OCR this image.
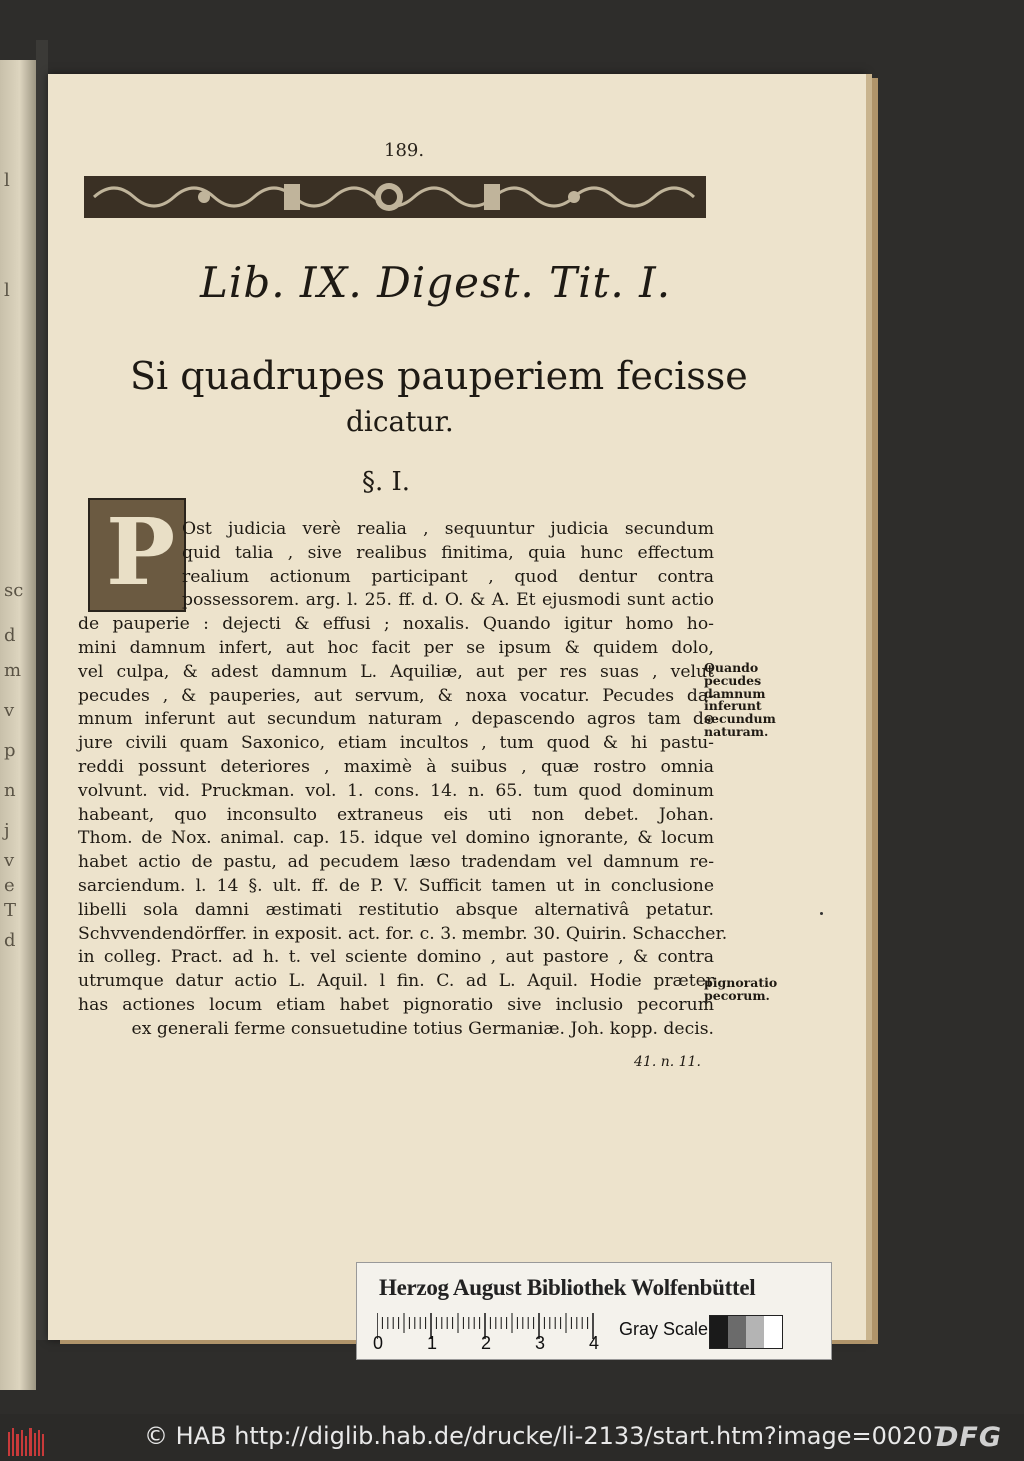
l
l
sc
d
m
v
p
n
j
v
e
T
d
189.
Lib. IX. Digest. Tit. I.
Si quadrupes pauperiem fecisse
dicatur.
§. I.
P Ost judicia verè realia , sequuntur judicia secundum
quid talia , sive realibus finitima, quia hunc effectum
realium actionum participant , quod dentur contra
possessorem. arg. l. 25. ff. d. O. & A. Et ejusmodi sunt actio
de pauperie : dejecti & effusi ; noxalis. Quando igitur homo ho-
mini damnum infert, aut hoc facit per se ipsum & quidem dolo,
vel culpa, & adest damnum L. Aquiliæ, aut per res suas , velut
pecudes , & pauperies, aut servum, & noxa vocatur. Pecudes da-
mnum inferunt aut secundum naturam , depascendo agros tam de
jure civili quam Saxonico, etiam incultos , tum quod & hi pastu-
reddi possunt deteriores , maximè à suibus , quæ rostro omnia
volvunt. vid. Pruckman. vol. 1. cons. 14. n. 65. tum quod dominum
habeant, quo inconsulto extraneus eis uti non debet. Johan.
Thom. de Nox. animal. cap. 15. idque vel domino ignorante, & locum
habet actio de pastu, ad pecudem læso tradendam vel damnum re-
sarciendum. l. 14 §. ult. ff. de P. V. Sufficit tamen ut in conclusione
libelli sola damni æstimati restitutio absque alternativâ petatur.
Schvvendendörffer. in exposit. act. for. c. 3. membr. 30. Quirin. Schaccher.
in colleg. Pract. ad h. t. vel sciente domino , aut pastore , & contra
utrumque datur actio L. Aquil. l fin. C. ad L. Aquil. Hodie præter
has actiones locum etiam habet pignoratio sive inclusio pecorum
ex generali ferme consuetudine totius Germaniæ. Joh. kopp. decis.
Quando
pecudes
damnum
inferunt
secundum
naturam.
pignoratio
pecorum.
41. n. 11.
Herzog August Bibliothek Wolfenbüttel
0 1 2 3 4
Gray Scale
© HAB http://diglib.hab.de/drucke/li-2133/start.htm?image=00207
DFG
